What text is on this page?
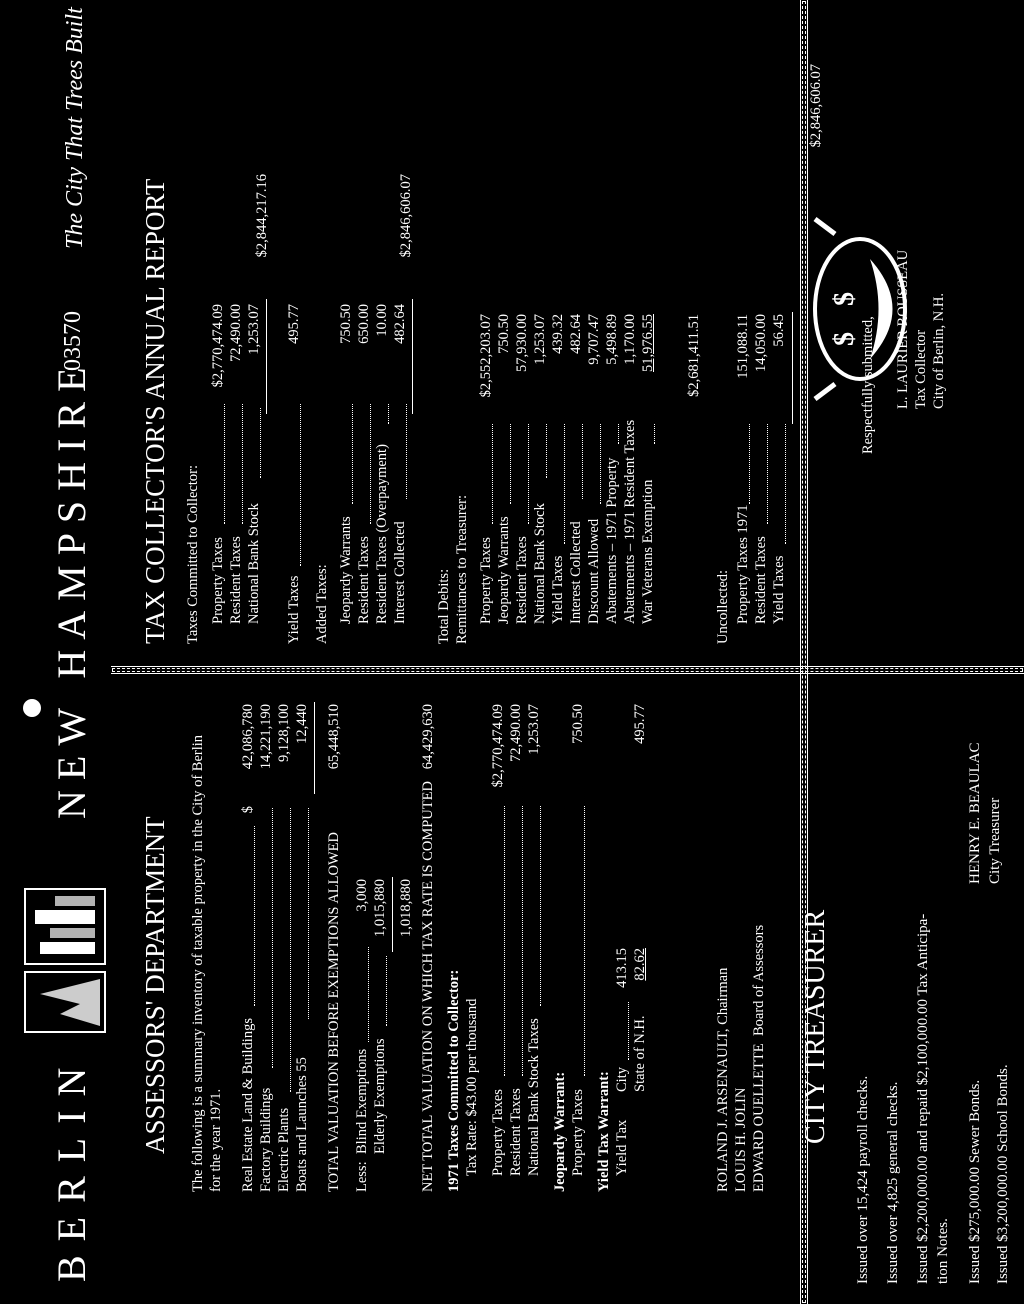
BERLIN
NEW HAMPSHIRE
03570
The City That Trees Built
ASSESSORS' DEPARTMENT The following is a summary inventory of taxable property in the City of Berlin for the year 1971. Real Estate Land & Buildings
$
42,086,780
Factory Buildings
14,221,190
Electric Plants
9,128,100
Boats and Launches 55
12,440
TOTAL VALUATION BEFORE EXEMPTIONS ALLOWED
65,448,510
Less:
Blind Exemptions
3,000
Elderly Exemptions
1,015,880 1,018,880 NET TOTAL VALUATION ON WHICH TAX RATE IS COMPUTED
64,429,630
1971 Taxes Committed to Collector: Tax Rate: $43.00 per thousand Property Taxes
$2,770,474.09
Resident Taxes
72,490.00
National Bank Stock Taxes
1,253.07
Jeopardy Warrant: Property Taxes
750.50
Yield Tax Warrant: Yield Tax
City
413.15
State of N.H.
82.62
495.77
ROLAND J. ARSENAULT, Chairman LOUIS H. JOLIN EDWARD OUELLETTE
Board of Assessors CITY TREASURER
Issued over 15,424 payroll checks. Issued over 4,825 general checks. Issued $2,200,000.00 and repaid $2,100,000.00 Tax Anticipa- tion Notes. Issued $275,000.00 Sewer Bonds. Issued $3,200,000.00 School Bonds.
HENRY E. BEAULAC City Treasurer
TAX COLLECTOR'S ANNUAL REPORT Taxes Committed to Collector: Property Taxes
$2,770,474.09
Resident Taxes
72,490.00
National Bank Stock
1,253.07
$2,844,217.16
Yield Taxes
495.77
Added Taxes: Jeopardy Warrants
750.50
Resident Taxes
650.00
Resident Taxes (Overpayment)
10.00
Interest Collected
482.64
$2,846,606.07
Total Debits: Remittances to Treasurer: Property Taxes
$2,552,203.07
Jeopardy Warrants
750.50
Resident Taxes
57,930.00
National Bank Stock
1,253.07
Yield Taxes
439.32
Interest Collected
482.64
Discount Allowed
9,707.47
Abatements – 1971 Property
5,498.89
Abatements – 1971 Resident Taxes
1,170.00
War Veterans Exemption
51,976.55 $2,681,411.51
Uncollected: Property Taxes 1971
151,088.11
Resident Taxes
14,050.00
Yield Taxes
56.45
$2,846,606.07
$
$
Respectfully submitted, L. LAURIER ROUSSEAU Tax Collector City of Berlin, N.H.
